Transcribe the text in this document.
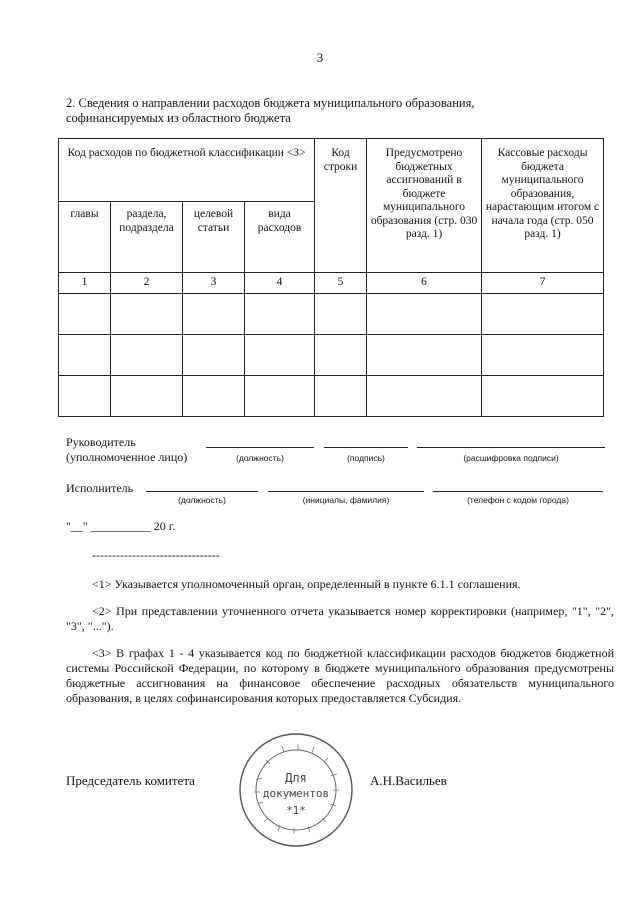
3
2. Сведения о направлении расходов бюджета муниципального образования,
софинансируемых из областного бюджета
Код расходов по бюджетной классификации <3>				Код строки	Предусмотрено бюджетных ассигнований в бюджете муниципального образования (стр. 030 разд. 1)	Кассовые расходы бюджета муниципального образования, нарастающим итогом с начала года (стр. 050 разд. 1)
главы	раздела, подраздела	целевой статьи	вида расходов			
1	2	3	4	5	6	7

Руководитель
(уполномоченное лицо)	(должность)	(подпись)	(расшифровка подписи)
Исполнитель
(должность)	(инициалы, фамилия)	(телефон с кодом города)
"__" __________ 20 г.
--------------------------------
<1> Указывается уполномоченный орган, определенный в пункте 6.1.1 соглашения.
<2> При представлении уточненного отчета указывается номер корректировки (например, "1", "2", "3", "...").
<3> В графах 1 - 4 указывается код по бюджетной классификации расходов бюджетов бюджетной системы Российской Федерации, по которому в бюджете муниципального образования предусмотрены бюджетные ассигнования на финансовое обеспечение расходных обязательств муниципального образования, в целях софинансирования которых предоставляется Субсидия.
Председатель комитета	А.Н.Васильев
Для
документов
*1*
